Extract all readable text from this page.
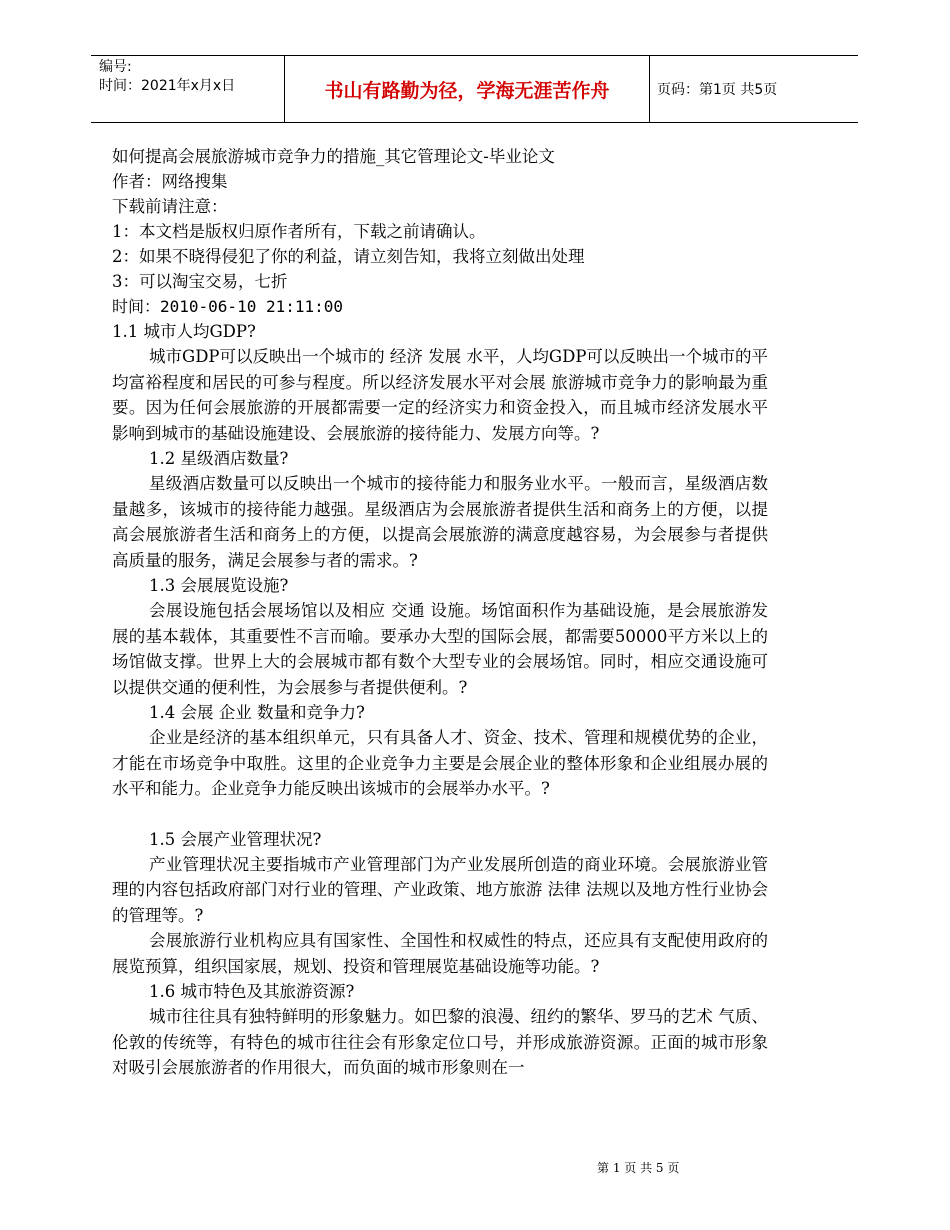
编号:
时间：2021年x月x日	书山有路勤为径，学海无涯苦作舟	页码：第1页 共5页

如何提高会展旅游城市竞争力的措施_其它管理论文-毕业论文

作者：网络搜集

下载前请注意：

1：本文档是版权归原作者所有，下载之前请确认。

2：如果不晓得侵犯了你的利益，请立刻告知，我将立刻做出处理

3：可以淘宝交易，七折

时间：2010-06-10 21:11:00

1.1 城市人均GDP?

城市GDP可以反映出一个城市的 经济 发展 水平，人均GDP可以反映出一个城市的平均富裕程度和居民的可参与程度。所以经济发展水平对会展 旅游城市竞争力的影响最为重要。因为任何会展旅游的开展都需要一定的经济实力和资金投入，而且城市经济发展水平影响到城市的基础设施建设、会展旅游的接待能力、发展方向等。?

1.2 星级酒店数量?

星级酒店数量可以反映出一个城市的接待能力和服务业水平。一般而言，星级酒店数量越多，该城市的接待能力越强。星级酒店为会展旅游者提供生活和商务上的方便，以提高会展旅游者生活和商务上的方便，以提高会展旅游的满意度越容易，为会展参与者提供高质量的服务，满足会展参与者的需求。?

1.3 会展展览设施?

会展设施包括会展场馆以及相应 交通 设施。场馆面积作为基础设施，是会展旅游发展的基本载体，其重要性不言而喻。要承办大型的国际会展，都需要50000平方米以上的场馆做支撑。世界上大的会展城市都有数个大型专业的会展场馆。同时，相应交通设施可以提供交通的便利性，为会展参与者提供便利。?

1.4 会展 企业 数量和竞争力?

企业是经济的基本组织单元，只有具备人才、资金、技术、管理和规模优势的企业，才能在市场竞争中取胜。这里的企业竞争力主要是会展企业的整体形象和企业组展办展的水平和能力。企业竞争力能反映出该城市的会展举办水平。?

1.5 会展产业管理状况?

产业管理状况主要指城市产业管理部门为产业发展所创造的商业环境。会展旅游业管理的内容包括政府部门对行业的管理、产业政策、地方旅游 法律 法规以及地方性行业协会的管理等。?

会展旅游行业机构应具有国家性、全国性和权威性的特点，还应具有支配使用政府的展览预算，组织国家展，规划、投资和管理展览基础设施等功能。?

1.6 城市特色及其旅游资源?

城市往往具有独特鲜明的形象魅力。如巴黎的浪漫、纽约的繁华、罗马的艺术 气质、伦敦的传统等，有特色的城市往往会有形象定位口号，并形成旅游资源。正面的城市形象对吸引会展旅游者的作用很大，而负面的城市形象则在一

第 1 页 共 5 页
